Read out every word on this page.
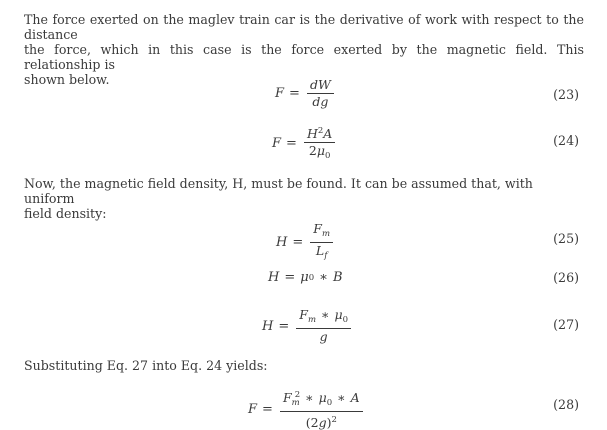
The force exerted on the maglev train car is the derivative of work with respect to the distance
the force, which in this case is the force exerted by the magnetic field. This relationship is
shown below.
$F = \frac{dW}{dg}$	(23)
$F = \frac{H^2A}{2\mu_0}$	(24)
Now, the magnetic field density, H, must be found. It can be assumed that, with uniform
field density:
$H = \frac{F_m}{L_f}$	(25)
H = μ 0 ∗ B	(26)
$H = \frac{F_m ∗ \mu_0}{g}$	(27)
Substituting Eq. 27 into Eq. 24 yields:
$F = \frac{F_m^2 ∗ \mu_0 ∗ A}{(2g)^2}$	(28)
